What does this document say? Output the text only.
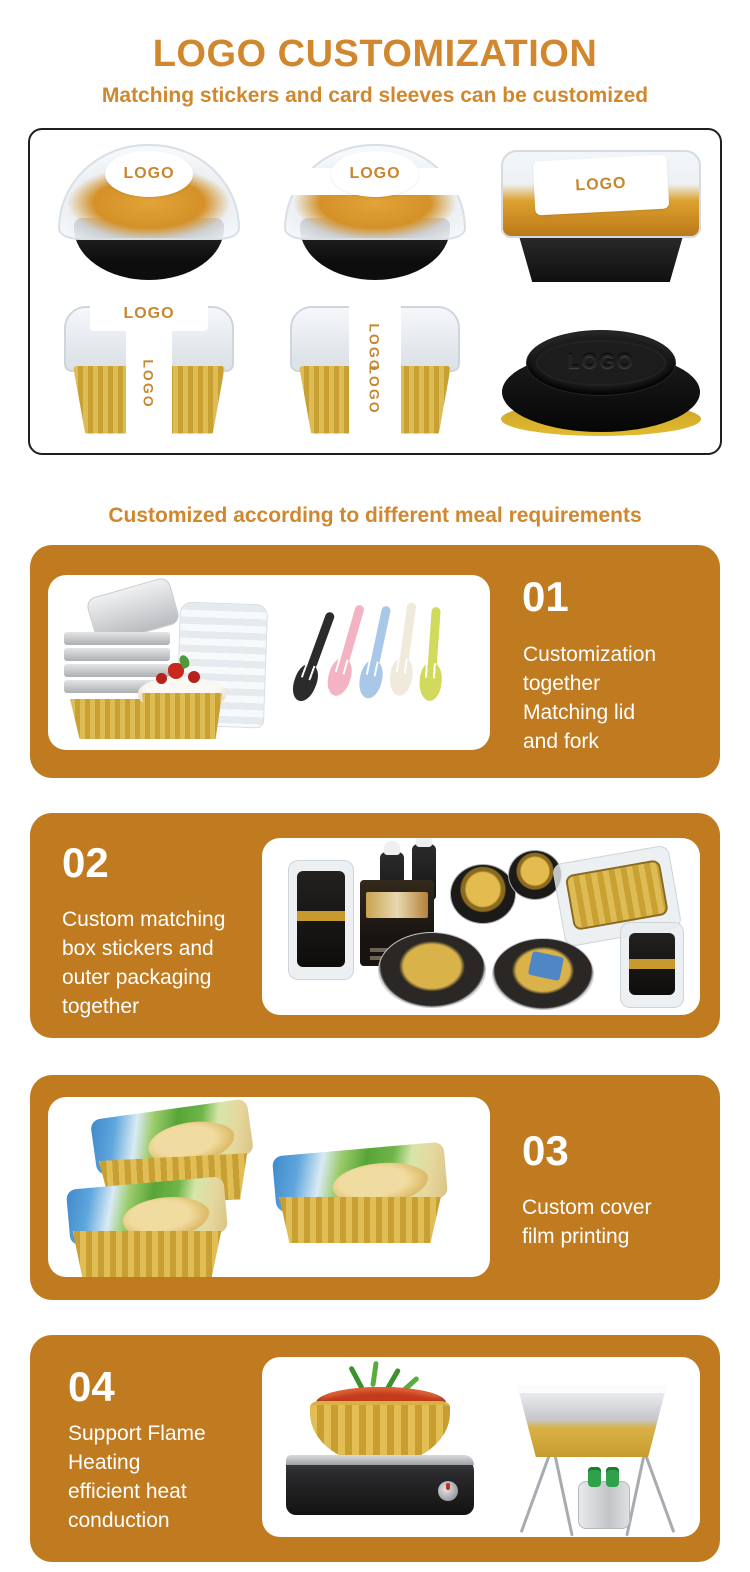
LOGO CUSTOMIZATION

Matching stickers and card sleeves can be customized

LOGO	LOGO
LOGO
LOGO
LOGO
LOGO
LOGO
LOGO
Customized according to different meal requirements
01
Customization
together
Matching lid
and fork
02
Custom matching
box stickers and
outer packaging
together
03
Custom cover
film printing
04
Support Flame
Heating
efficient heat
conduction
